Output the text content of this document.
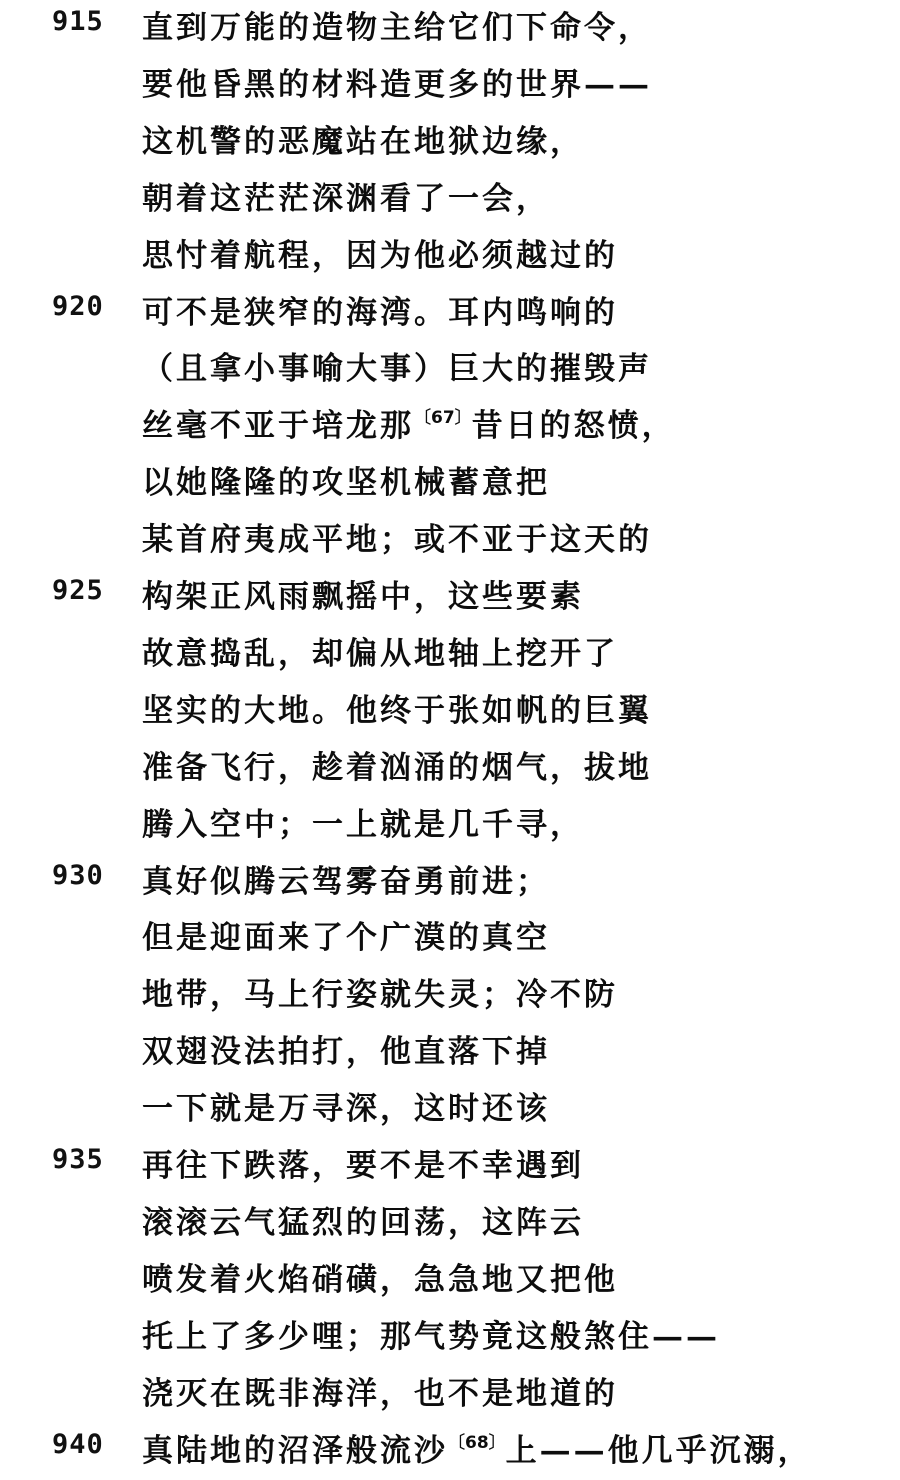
915	直到万能的造物主给它们下命令，
要他昏黑的材料造更多的世界——
这机警的恶魔站在地狱边缘，
朝着这茫茫深渊看了一会，
思忖着航程，因为他必须越过的
920	可不是狭窄的海湾。耳内鸣响的
（且拿小事喻大事）巨大的摧毁声
丝毫不亚于培龙那$^{〔67〕}$昔日的怒愤，
以她隆隆的攻坚机械蓄意把
某首府夷成平地；或不亚于这天的
925	构架正风雨飘摇中，这些要素
故意捣乱，却偏从地轴上挖开了
坚实的大地。他终于张如帆的巨翼
准备飞行，趁着汹涌的烟气，拔地
腾入空中；一上就是几千寻，
930	真好似腾云驾雾奋勇前进；
但是迎面来了个广漠的真空
地带，马上行姿就失灵；冷不防
双翅没法拍打，他直落下掉
一下就是万寻深，这时还该
935	再往下跌落，要不是不幸遇到
滚滚云气猛烈的回荡，这阵云
喷发着火焰硝磺，急急地又把他
托上了多少哩；那气势竟这般煞住——
浇灭在既非海洋，也不是地道的
940	真陆地的沼泽般流沙$^{〔68〕}$上——他几乎沉溺，
